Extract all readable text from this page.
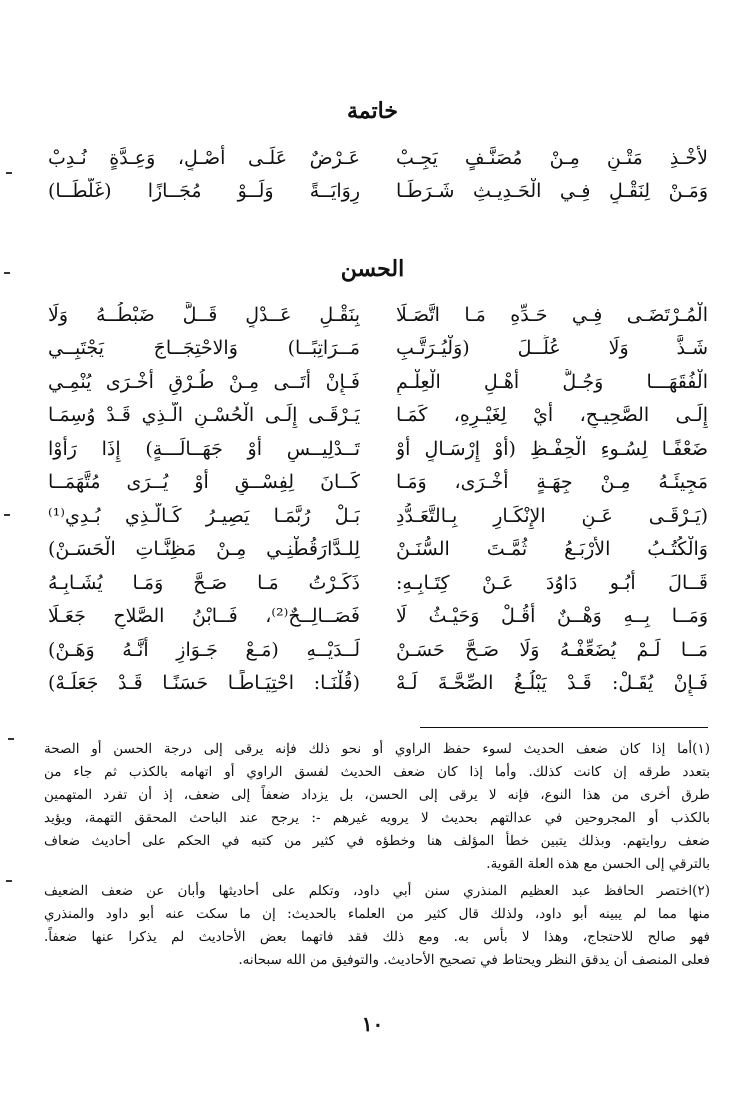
خاتمة
لأَخْـذِ مَتْـنٍ مِـنْ مُصَنَّـفٍ يَجِـبْ
عَـرْضٌ عَلَـى أَصْـلٍ، وَعِـدَّةٍ نُـدِبْ
وَمَـنْ لِنَقْـلٍ فِـي الْحَـدِيـثِ شَـرَطَـا
رِوَايَــةً وَلَــوْ مُجَــازًا (غَلَّطَــا)
الحسن
الْمُـرْتَضَـى فِـي حَـدِّهِ مَـا اتَّصَـلَا
بِنَقْـلِ عَــدْلٍ قَــلَّ ضَبْطُــهُ وَلَا
شَـذَّ وَلَا عُلِّــلَ (وَلْيُـرَتَّـبِ
مَــرَاتِبًــا) وَالاحْتِجَــاجَ يَجْتَبِــي
الْفُقَهَـــا وَجُـلُّ أَهْـلِ الْعِلْـمِ
فَـإِنْ أَتَــى مِـنْ طُـرْقٍ أُخْـرَى يُنْمِـي
إِلَـى الصَّحِيـحِ، أَيْ لِغَيْـرِهِ، كَمَـا
يَـرْقَـى إِلَـى الْحُسْـنِ الَّـذِي قَـدْ وُسِمَـا
ضَعْفًـا لِسُـوءِ الْحِفْـظِ (أَوْ إِرْسَـالٍ أَوْ
تَــدْلِيــسٍ أَوْ جَهَــالَـــةٍ) إِذَا رَأَوْا
مَجِيئَـهُ مِـنْ جِهَـةٍ أُخْـرَى، وَمَـا
كَــانَ لِفِسْــقٍ أَوْ يُــرَى مُتَّهَمَــا
(يَـرْقَـى عَـنِ الإِنْكَـارِ بِـالتَّعَـدُّدِ
بَـلْ رُبَّمَـا يَصِيـرُ كَـالَّـذِي بُـدِي⁽¹⁾
وَالْكُتُـبُ الأَرْبَـعُ ثُمَّـتَ السُّنَـنْ
لِلـدَّارَقُطْنِـي مِـنْ مَظِنَّـاتِ الْحَسَـنْ)
قَــالَ أَبُـو دَاوُدَ عَـنْ كِتَـابِـهِ:
ذَكَـرْتُ مَـا صَـحَّ وَمَـا يُشَـابِـهُ
وَمَــا بِــهِ وَهْــنٌ أَقُـلْ وَحَيْـثُ لَا
فَصَــالِــحٌ⁽²⁾، فَــابْنُ الصَّلاحِ جَعَـلَا
مَــا لَـمْ يُضَعِّفْـهُ وَلَا صَـحَّ حَسَـنْ
لَــدَيْــهِ (مَـعْ جَـوَازِ أَنَّـهُ وَهَـنْ)
فَـإِنْ يُقَـلْ: قَـدْ يَبْلُـغُ الصِّحَّـةَ لَـهْ
(قُلْنَـا: احْتِيَـاطًـا حَسَنًـا قَـدْ جَعَلَـهْ)
(١)أما إذا كان ضعف الحديث لسوء حفظ الراوي أو نحو ذلك فإنه يرقى إلى درجة الحسن أو الصحة
بتعدد طرقه إن كانت كذلك. وأما إذا كان ضعف الحديث لفسق الراوي أو اتهامه بالكذب ثم جاء من
طرق أخرى من هذا النوع، فإنه لا يرقى إلى الحسن، بل يزداد ضعفاً إلى ضعف، إذ أن تفرد المتهمين
بالكذب أو المجروحين في عدالتهم بحديث لا يرويه غيرهم -: يرجح عند الباحث المحقق التهمة، ويؤيد
ضعف روايتهم. وبذلك يتبين خطأ المؤلف هنا وخطؤه في كثير من كتبه في الحكم على أحاديث ضعاف
بالترقي إلى الحسن مع هذه العلة القوية.
(٢)اختصر الحافظ عبد العظيم المنذري سنن أبي داود، وتكلم على أحاديثها وأبان عن ضعف الضعيف
منها مما لم يبينه أبو داود، ولذلك قال كثير من العلماء بالحديث: إن ما سكت عنه أبو داود والمنذري
فهو صالح للاحتجاج، وهذا لا بأس به. ومع ذلك فقد فاتهما بعض الأحاديث لم يذكرا عنها ضعفاً.
فعلى المنصف أن يدقق النظر ويحتاط في تصحيح الأحاديث. والتوفيق من الله سبحانه.
١٠
